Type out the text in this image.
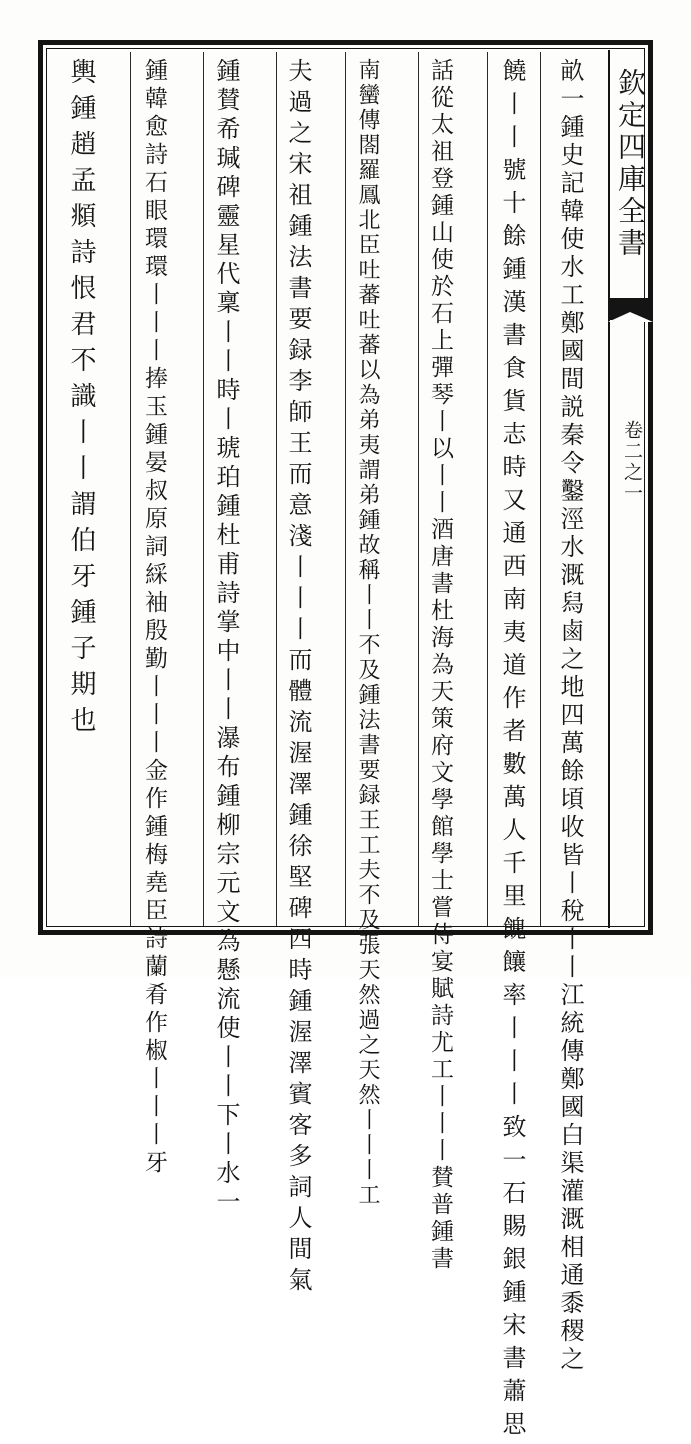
欽定四庫全書
卷二之一
畝一鍾史記韓使水工鄭國間説秦令鑿涇水溉舄鹵之地四萬餘頃收皆丨稅丨丨江統傳鄭國白渠灌溉相通黍稷之
饒丨丨號十餘鍾漢書食貨志時又通西南夷道作者數萬人千里餽饟率丨丨丨致一石賜銀鍾宋書蕭思
話從太祖登鍾山使於石上彈琴丨以丨丨酒唐書杜海為天策府文學館學士嘗侍宴賦詩尤工丨丨丨賛普鍾書
南蠻傳閤羅鳳北臣吐蕃吐蕃以為弟夷謂弟鍾故稱丨丨不及鍾法書要録王工夫不及張天然過之天然丨丨丨工
夫過之宋祖鍾法書要録李師王而意淺丨丨丨而體流渥澤鍾徐堅碑四時鍾渥澤賓客多詞人間氣
鍾賛希瑊碑靈星代稟丨丨時丨琥珀鍾杜甫詩掌中丨丨瀑布鍾柳宗元文為懸流使丨丨下丨水一
鍾韓愈詩石眼環環丨丨丨捧玉鍾晏叔原詞綵袖殷勤丨丨丨金作鍾梅堯臣詩蘭肴作椒丨丨丨牙
輿鍾趙孟頫詩恨君不識丨丨謂伯牙鍾子期也
